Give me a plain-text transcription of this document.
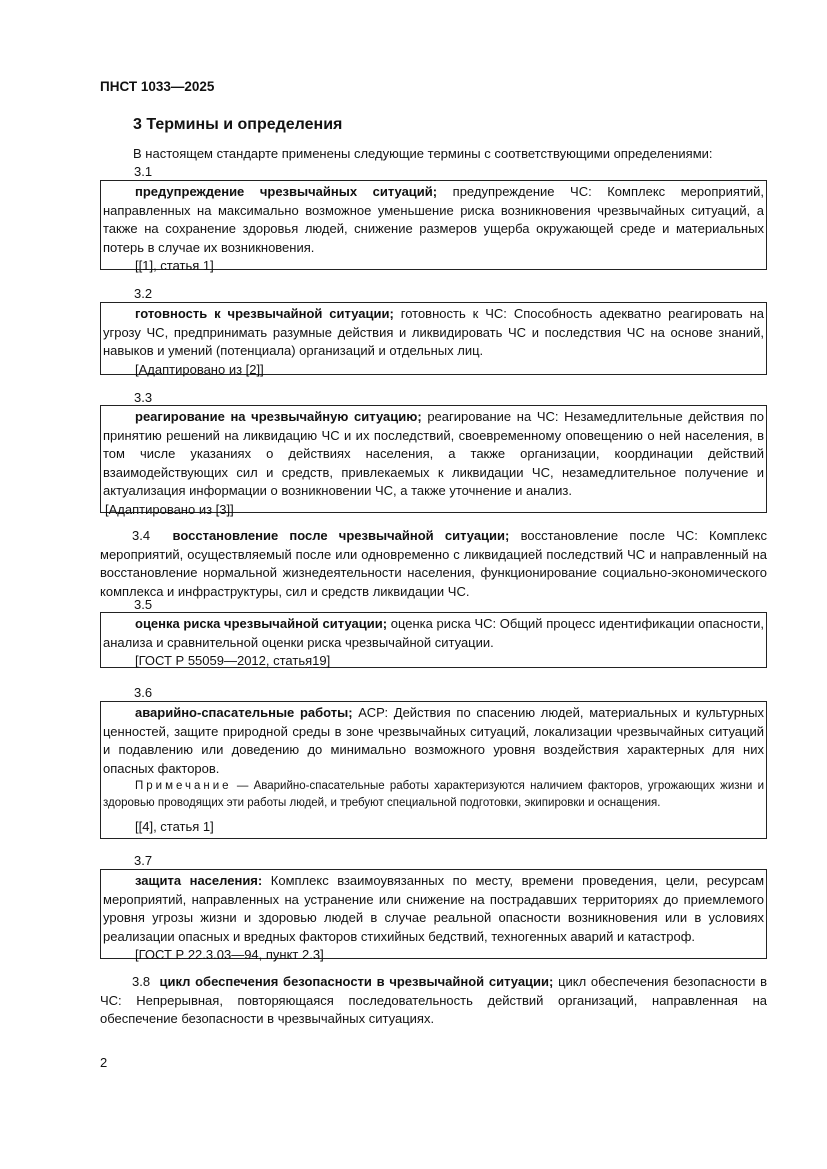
ПНСТ 1033—2025
3 Термины и определения
В настоящем стандарте применены следующие термины с соответствующими определениями:
3.1

предупреждение чрезвычайных ситуаций; предупреждение ЧС: Комплекс мероприятий, направленных на максимально возможное уменьшение риска возникновения чрезвычайных ситуаций, а также на сохранение здоровья людей, снижение размеров ущерба окружающей среде и материальных потерь в случае их возникновения.

[[1], статья 1]

3.2

готовность к чрезвычайной ситуации; готовность к ЧС: Способность адекватно реагировать на угрозу ЧС, предпринимать разумные действия и ликвидировать ЧС и последствия ЧС на основе знаний, навыков и умений (потенциала) организаций и отдельных лиц.

[Адаптировано из [2]]

3.3

реагирование на чрезвычайную ситуацию; реагирование на ЧС: Незамедлительные действия по принятию решений на ликвидацию ЧС и их последствий, своевременному оповещению о ней населения, в том числе указаниях о действиях населения, а также организации, координации действий взаимодействующих сил и средств, привлекаемых к ликвидации ЧС, незамедлительное получение и актуализация информации о возникновении ЧС, а также уточнение и анализ.

[Адаптировано из [3]]

3.4 восстановление после чрезвычайной ситуации; восстановление после ЧС: Комплекс мероприятий, осуществляемый после или одновременно с ликвидацией последствий ЧС и направленный на восстановление нормальной жизнедеятельности населения, функционирование социально-экономического комплекса и инфраструктуры, сил и средств ликвидации ЧС.

3.5

оценка риска чрезвычайной ситуации; оценка риска ЧС: Общий процесс идентификации опасности, анализа и сравнительной оценки риска чрезвычайной ситуации.

[ГОСТ Р 55059—2012, статья19]

3.6

аварийно-спасательные работы; АСР: Действия по спасению людей, материальных и культурных ценностей, защите природной среды в зоне чрезвычайных ситуаций, локализации чрезвычайных ситуаций и подавлению или доведению до минимально возможного уровня воздействия характерных для них опасных факторов.

Примечание — Аварийно-спасательные работы характеризуются наличием факторов, угрожающих жизни и здоровью проводящих эти работы людей, и требуют специальной подготовки, экипировки и оснащения.

[[4], статья 1]

3.7

защита населения: Комплекс взаимоувязанных по месту, времени проведения, цели, ресурсам мероприятий, направленных на устранение или снижение на пострадавших территориях до приемлемого уровня угрозы жизни и здоровью людей в случае реальной опасности возникновения или в условиях реализации опасных и вредных факторов стихийных бедствий, техногенных аварий и катастроф.

[ГОСТ Р 22.3.03—94, пункт 2.3]

3.8 цикл обеспечения безопасности в чрезвычайной ситуации; цикл обеспечения безопасности в ЧС: Непрерывная, повторяющаяся последовательность действий организаций, направленная на обеспечение безопасности в чрезвычайных ситуациях.

2
